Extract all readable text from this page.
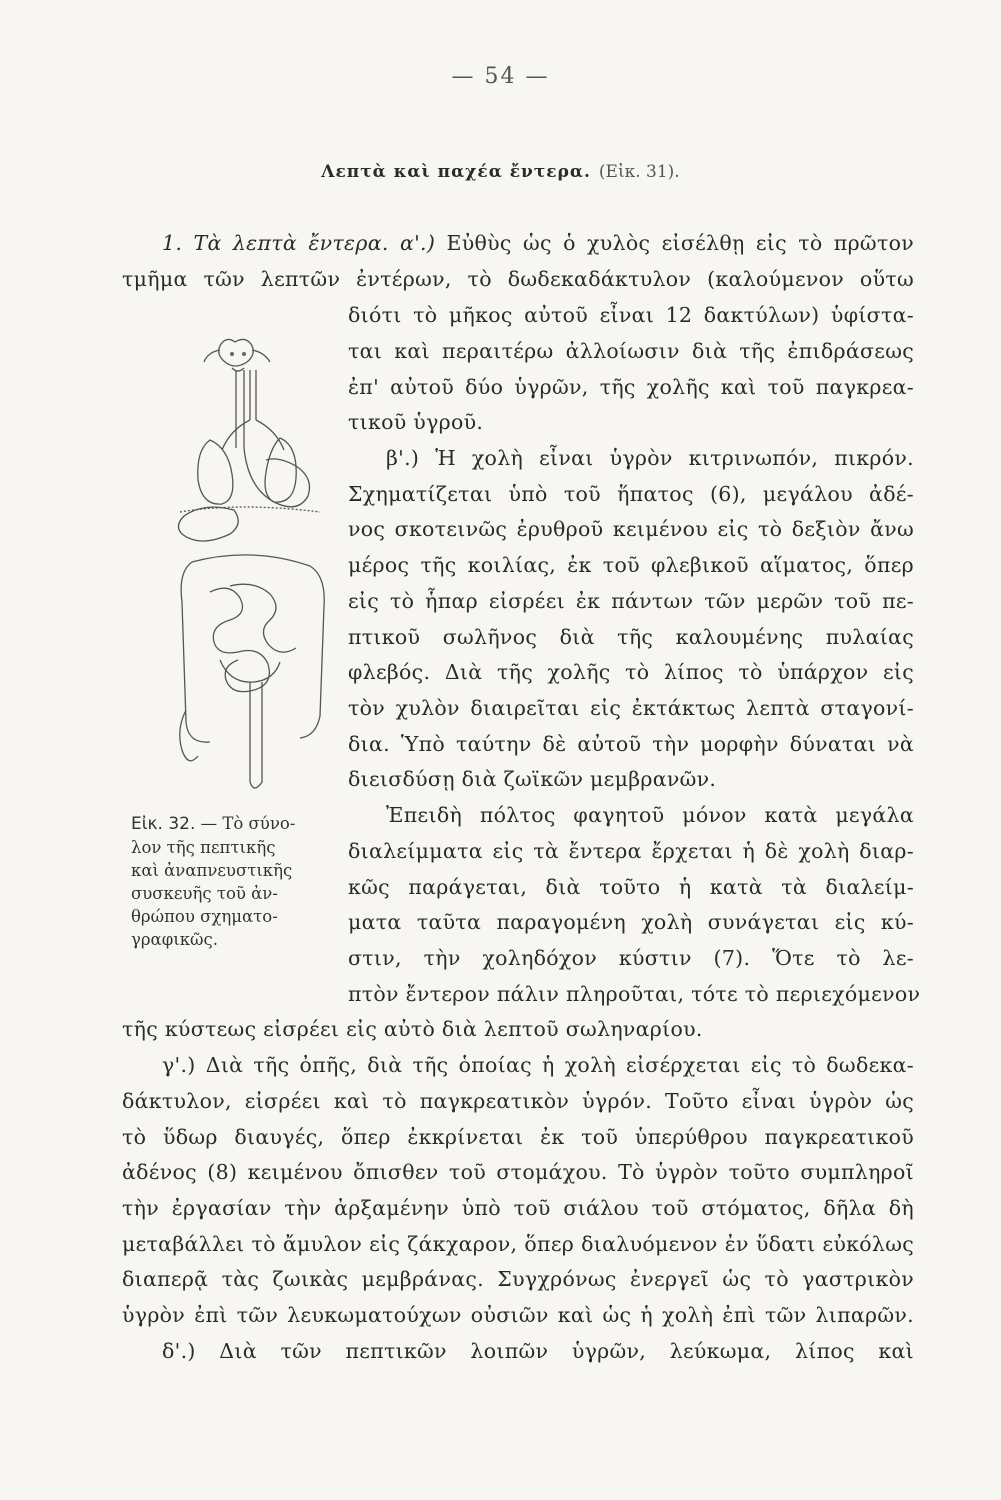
— 54 —
Λεπτὰ καὶ παχέα ἔντερα. (Εἰκ. 31).
1. Τὰ λεπτὰ ἔντερα. α'.) Εὐθὺς ὡς ὁ χυλὸς εἰσέλθῃ εἰς τὸ πρῶτον
τμῆμα τῶν λεπτῶν ἐντέρων, τὸ δωδεκαδάκτυλον (καλούμενον οὕτω
διότι τὸ μῆκος αὐτοῦ εἶναι 12 δακτύλων) ὑφίστα-
ται καὶ περαιτέρω ἀλλοίωσιν διὰ τῆς ἐπιδράσεως
ἐπ' αὐτοῦ δύο ὑγρῶν, τῆς χολῆς καὶ τοῦ παγκρεα-
τικοῦ ὑγροῦ.
β'.) Ἡ χολὴ εἶναι ὑγρὸν κιτρινωπόν, πικρόν.
Σχηματίζεται ὑπὸ τοῦ ἥπατος (6), μεγάλου ἀδέ-
νος σκοτεινῶς ἐρυθροῦ κειμένου εἰς τὸ δεξιὸν ἄνω
μέρος τῆς κοιλίας, ἐκ τοῦ φλεβικοῦ αἵματος, ὅπερ
εἰς τὸ ἧπαρ εἰσρέει ἐκ πάντων τῶν μερῶν τοῦ πε-
πτικοῦ σωλῆνος διὰ τῆς καλουμένης πυλαίας
φλεβός. Διὰ τῆς χολῆς τὸ λίπος τὸ ὑπάρχον εἰς
τὸν χυλὸν διαιρεῖται εἰς ἐκτάκτως λεπτὰ σταγονί-
δια. Ὑπὸ ταύτην δὲ αὐτοῦ τὴν μορφὴν δύναται νὰ
διεισδύσῃ διὰ ζωϊκῶν μεμβρανῶν.
Ἐπειδὴ πόλτος φαγητοῦ μόνον κατὰ μεγάλα
διαλείμματα εἰς τὰ ἔντερα ἔρχεται ἡ δὲ χολὴ διαρ-
κῶς παράγεται, διὰ τοῦτο ἡ κατὰ τὰ διαλείμ-
ματα ταῦτα παραγομένη χολὴ συνάγεται εἰς κύ-
στιν, τὴν χοληδόχον κύστιν (7). Ὅτε τὸ λε-
πτὸν ἔντερον πάλιν πληροῦται, τότε τὸ περιεχόμενον
τῆς κύστεως εἰσρέει εἰς αὐτὸ διὰ λεπτοῦ σωληναρίου.
γ'.) Διὰ τῆς ὀπῆς, διὰ τῆς ὁποίας ἡ χολὴ εἰσέρχεται εἰς τὸ δωδεκα-
δάκτυλον, εἰσρέει καὶ τὸ παγκρεατικὸν ὑγρόν. Τοῦτο εἶναι ὑγρὸν ὡς
τὸ ὕδωρ διαυγές, ὅπερ ἐκκρίνεται ἐκ τοῦ ὑπερύθρου παγκρεατικοῦ
ἀδένος (8) κειμένου ὄπισθεν τοῦ στομάχου. Τὸ ὑγρὸν τοῦτο συμπληροῖ
τὴν ἐργασίαν τὴν ἀρξαμένην ὑπὸ τοῦ σιάλου τοῦ στόματος, δῆλα δὴ
μεταβάλλει τὸ ἄμυλον εἰς ζάκχαρον, ὅπερ διαλυόμενον ἐν ὕδατι εὐκόλως
διαπερᾷ τὰς ζωικὰς μεμβράνας. Συγχρόνως ἐνεργεῖ ὡς τὸ γαστρικὸν
ὑγρὸν ἐπὶ τῶν λευκωματούχων οὐσιῶν καὶ ὡς ἡ χολὴ ἐπὶ τῶν λιπαρῶν.
δ'.) Διὰ τῶν πεπτικῶν λοιπῶν ὑγρῶν, λεύκωμα, λίπος καὶ
Εἰκ. 32. — Τὸ σύνο-
λον τῆς πεπτικῆς
καὶ ἀναπνευστικῆς
συσκευῆς τοῦ ἀν-
θρώπου σχηματο-
γραφικῶς.
